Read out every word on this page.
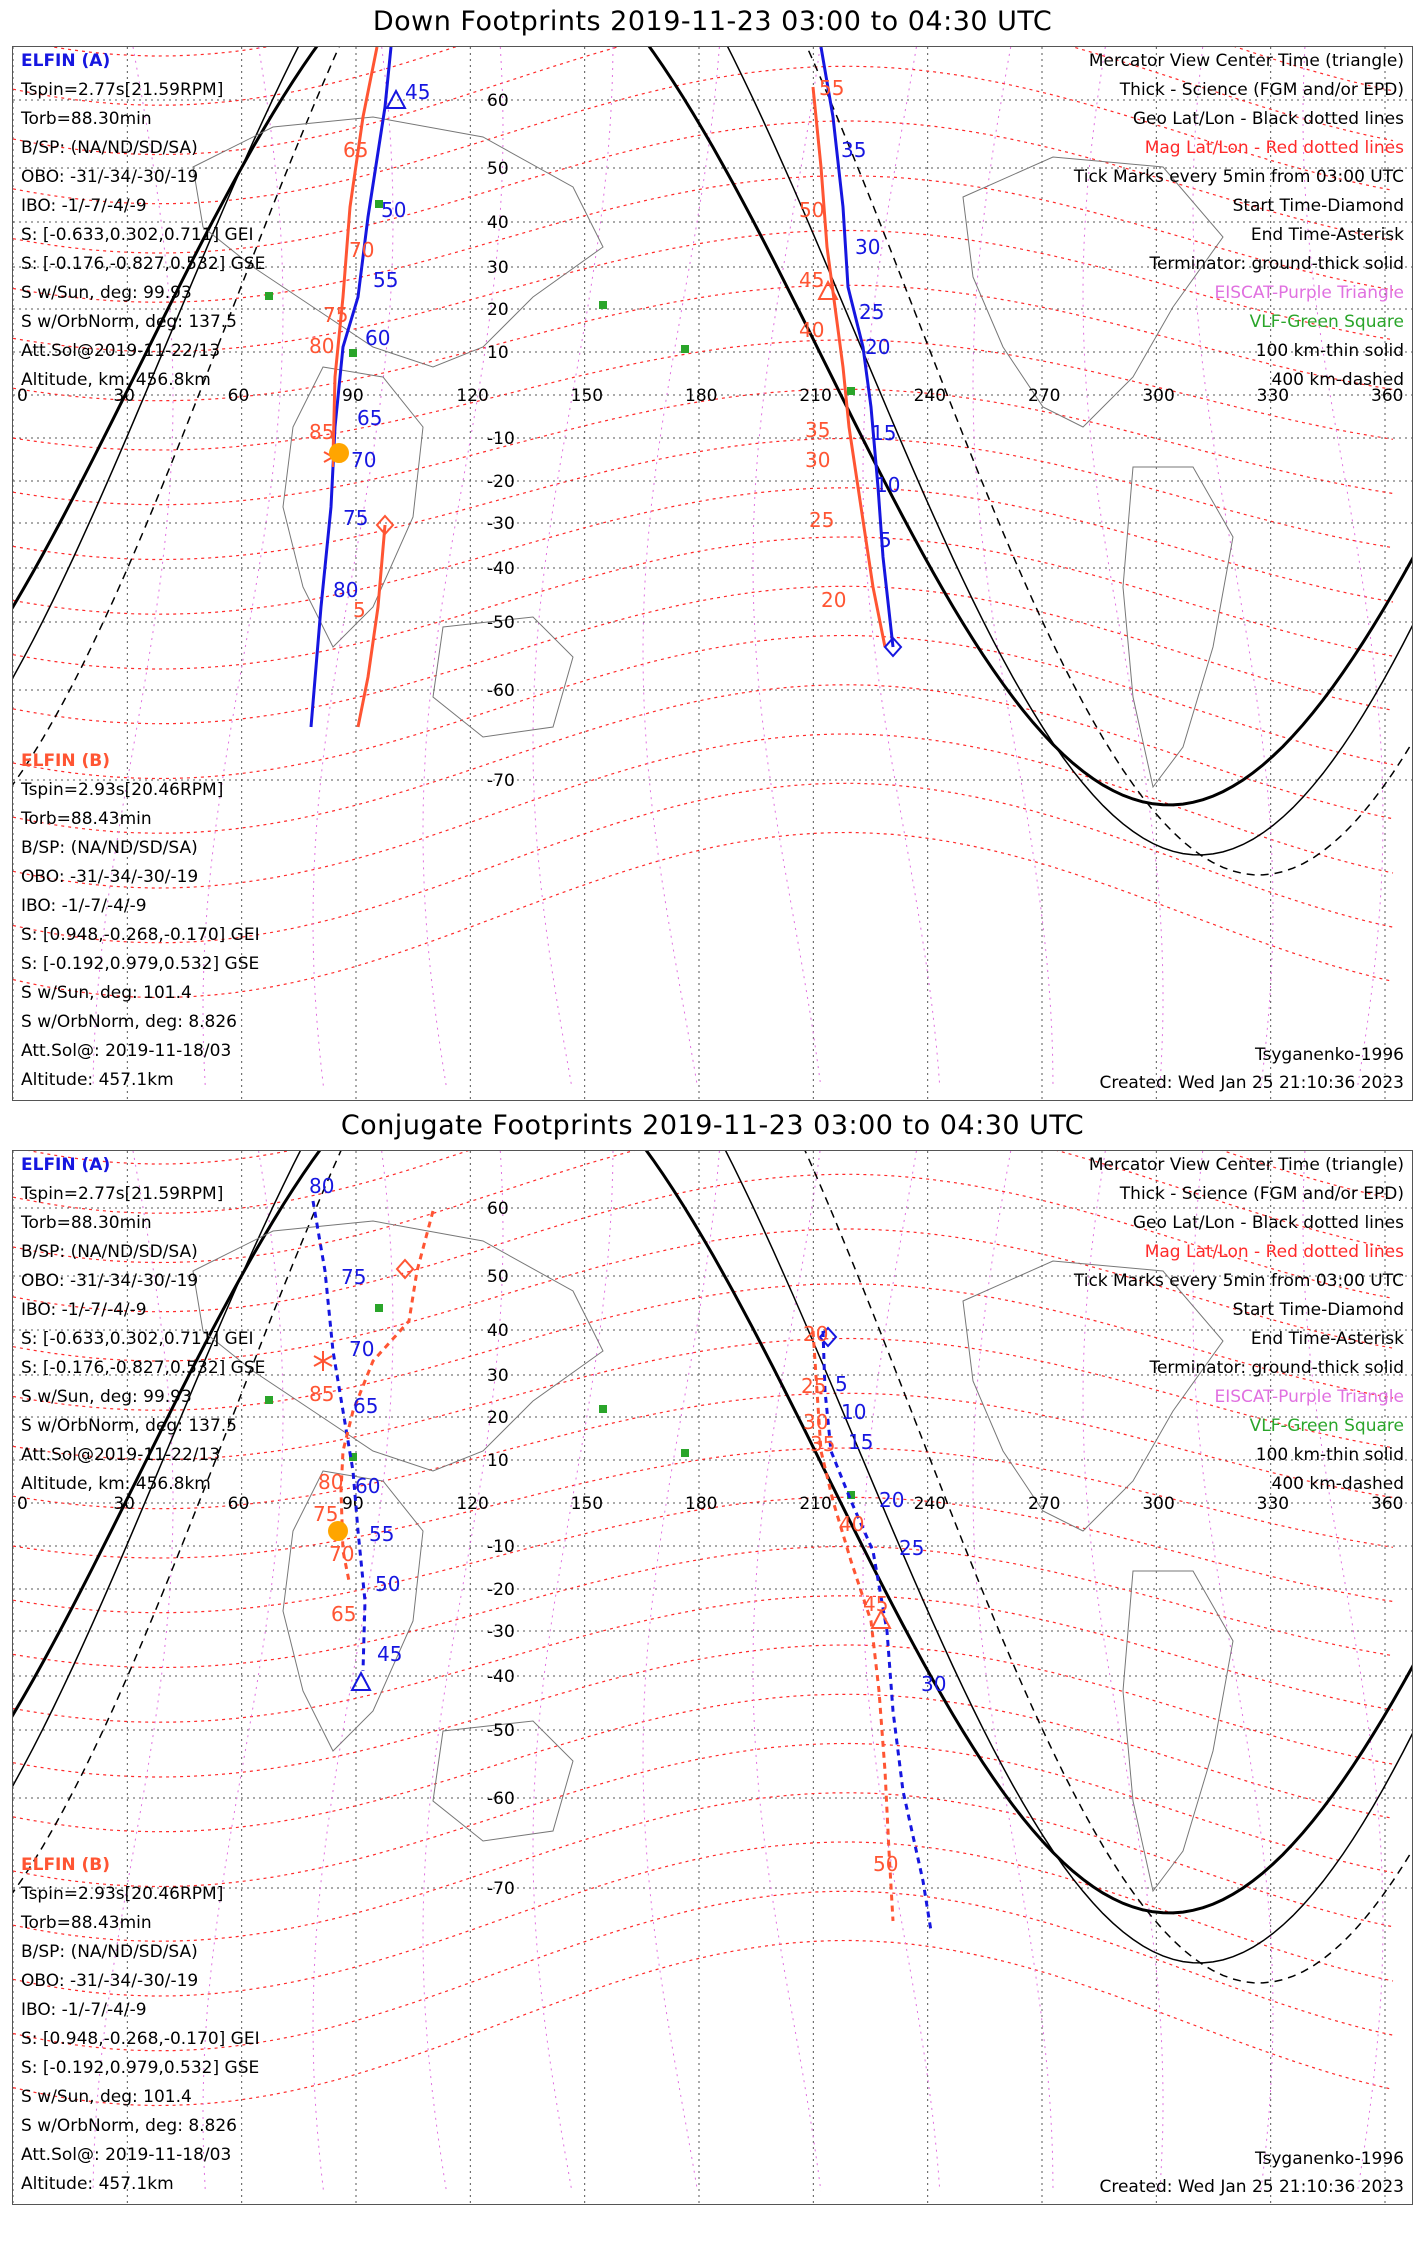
Down Footprints 2019-11-23 03:00 to 04:30 UTC
0	30	60	90	120	150	180	210	240	270	300	330	360
60
50
40
30
20
10
-10
-20
-30
-40
-50
-60
-70
45
35
50
30
55
25
60	20
65
15
70
10
75
5
80
55
65
50
70
45
75
40
80
35
85
30
25
5	20
ELFIN (A)
Tspin=2.77s[21.59RPM]
Torb=88.30min
B/SP: (NA/ND/SD/SA)
OBO: -31/-34/-30/-19
IBO: -1/-7/-4/-9
S: [-0.633,0.302,0.711] GEI
S: [-0.176,-0.827,0.532] GSE
S w/Sun, deg: 99.93
S w/OrbNorm, deg: 137.5
Att.Sol@2019-11-22/13
Altitude, km: 456.8km
ELFIN (B)
Tspin=2.93s[20.46RPM]
Torb=88.43min
B/SP: (NA/ND/SD/SA)
OBO: -31/-34/-30/-19
IBO: -1/-7/-4/-9
S: [0.948,-0.268,-0.170] GEI
S: [-0.192,0.979,0.532] GSE
S w/Sun, deg: 101.4
S w/OrbNorm, deg: 8.826
Att.Sol@: 2019-11-18/03
Altitude: 457.1km
Mercator View Center Time (triangle)
Thick - Science (FGM and/or EPD)
Geo Lat/Lon - Black dotted lines
Mag Lat/Lon - Red dotted lines
Tick Marks every 5min from 03:00 UTC
Start Time-Diamond
End Time-Asterisk
Terminator: ground-thick solid
EISCAT-Purple Triangle
VLF-Green Square
100 km-thin solid
400 km-dashed
Tsyganenko-1996
Created: Wed Jan 25 21:10:36 2023
Conjugate Footprints 2019-11-23 03:00 to 04:30 UTC
0	30	60	90	120	150	180	210	240	270	300	330	360
60
50
40
30
20
10
-10
-20
-30
-40
-50
-60
-70
80
75
5
70
10
65
15
60
20
55
25
50
45
30
20
85	25
30
80
35
75	40
70
65	45
50
ELFIN (A)
Tspin=2.77s[21.59RPM]
Torb=88.30min
B/SP: (NA/ND/SD/SA)
OBO: -31/-34/-30/-19
IBO: -1/-7/-4/-9
S: [-0.633,0.302,0.711] GEI
S: [-0.176,-0.827,0.532] GSE
S w/Sun, deg: 99.93
S w/OrbNorm, deg: 137.5
Att.Sol@2019-11-22/13
Altitude, km: 456.8km
ELFIN (B)
Tspin=2.93s[20.46RPM]
Torb=88.43min
B/SP: (NA/ND/SD/SA)
OBO: -31/-34/-30/-19
IBO: -1/-7/-4/-9
S: [0.948,-0.268,-0.170] GEI
S: [-0.192,0.979,0.532] GSE
S w/Sun, deg: 101.4
S w/OrbNorm, deg: 8.826
Att.Sol@: 2019-11-18/03
Altitude: 457.1km
Mercator View Center Time (triangle)
Thick - Science (FGM and/or EPD)
Geo Lat/Lon - Black dotted lines
Mag Lat/Lon - Red dotted lines
Tick Marks every 5min from 03:00 UTC
Start Time-Diamond
End Time-Asterisk
Terminator: ground-thick solid
EISCAT-Purple Triangle
VLF-Green Square
100 km-thin solid
400 km-dashed
Tsyganenko-1996
Created: Wed Jan 25 21:10:36 2023
